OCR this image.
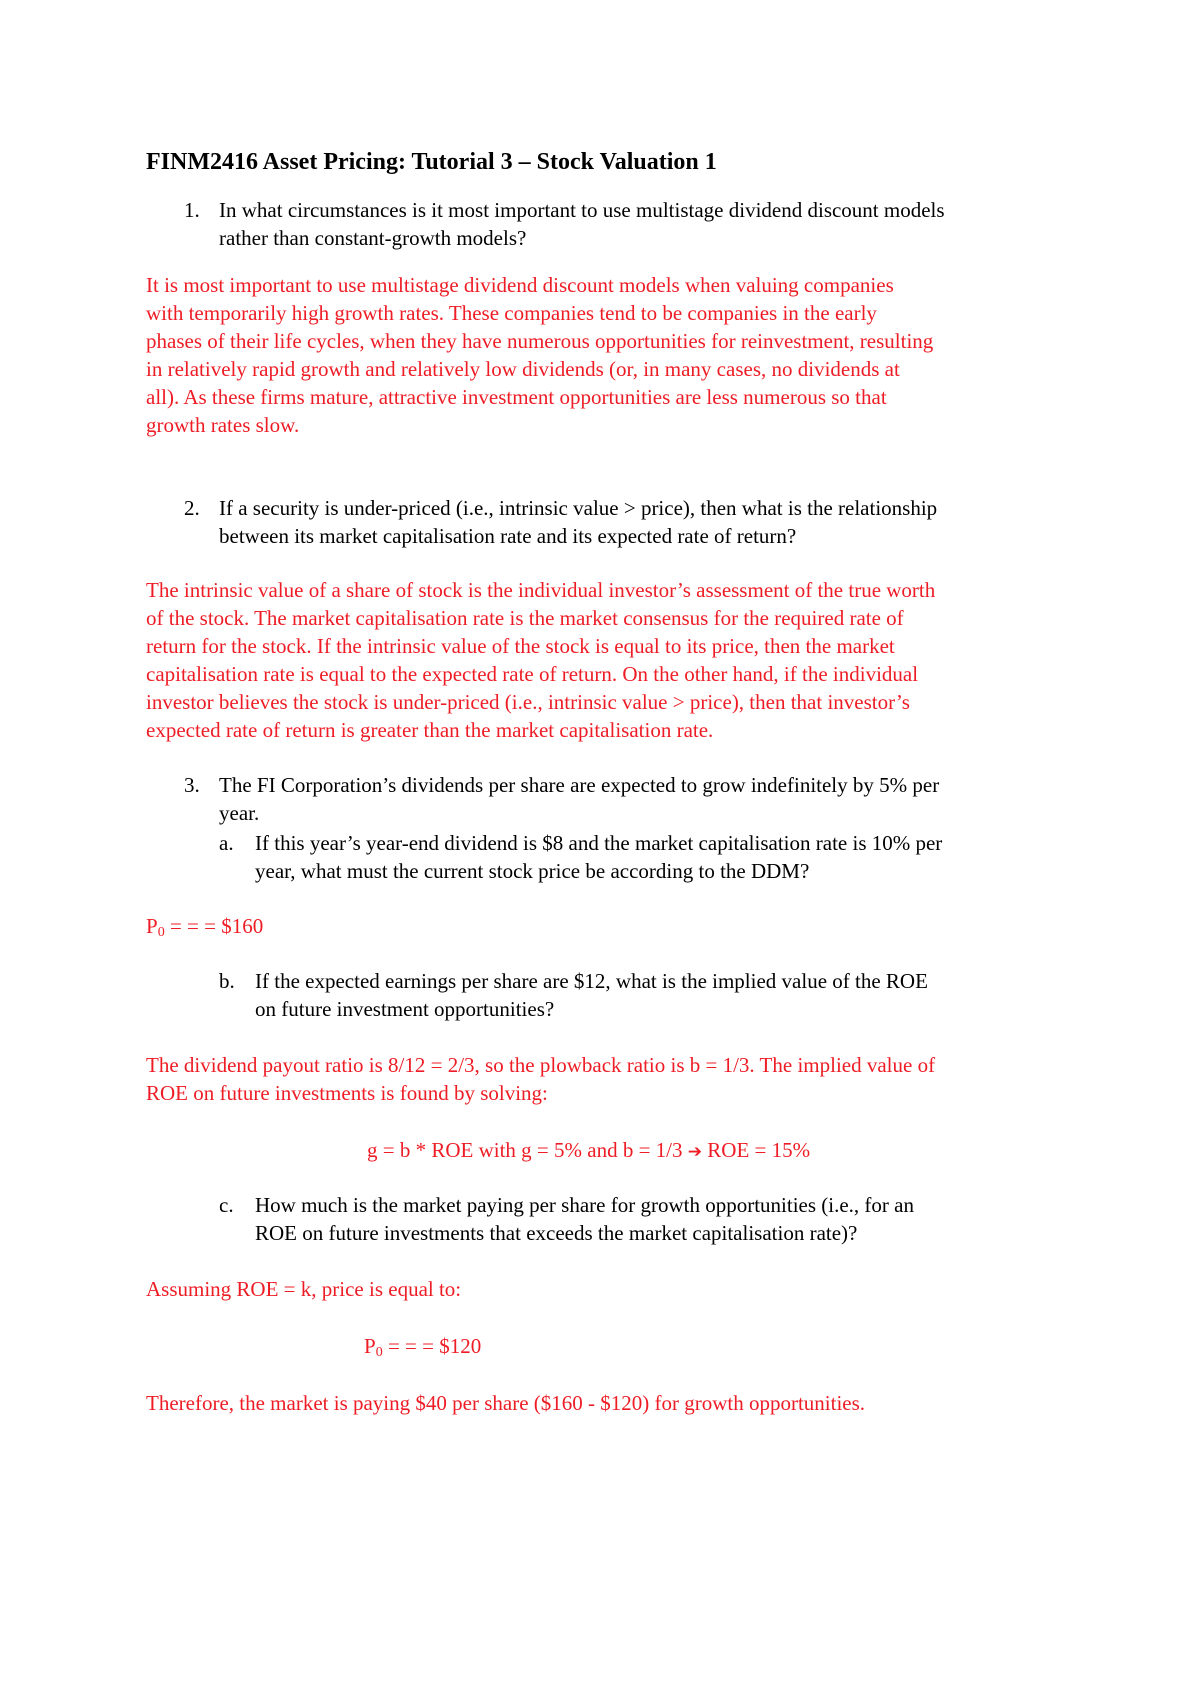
FINM2416 Asset Pricing: Tutorial 3 – Stock Valuation 1
1. In what circumstances is it most important to use multistage dividend discount models
rather than constant-growth models?
It is most important to use multistage dividend discount models when valuing companies
with temporarily high growth rates. These companies tend to be companies in the early
phases of their life cycles, when they have numerous opportunities for reinvestment, resulting
in relatively rapid growth and relatively low dividends (or, in many cases, no dividends at
all). As these firms mature, attractive investment opportunities are less numerous so that
growth rates slow.
2. If a security is under-priced (i.e., intrinsic value > price), then what is the relationship
between its market capitalisation rate and its expected rate of return?
The intrinsic value of a share of stock is the individual investor’s assessment of the true worth
of the stock. The market capitalisation rate is the market consensus for the required rate of
return for the stock. If the intrinsic value of the stock is equal to its price, then the market
capitalisation rate is equal to the expected rate of return. On the other hand, if the individual
investor believes the stock is under-priced (i.e., intrinsic value > price), then that investor’s
expected rate of return is greater than the market capitalisation rate.
3. The FI Corporation’s dividends per share are expected to grow indefinitely by 5% per
year.
a. If this year’s year-end dividend is $8 and the market capitalisation rate is 10% per
year, what must the current stock price be according to the DDM?
$P_0$ = = = $160
b. If the expected earnings per share are $12, what is the implied value of the ROE
on future investment opportunities?
The dividend payout ratio is 8/12 = 2/3, so the plowback ratio is b = 1/3. The implied value of
ROE on future investments is found by solving:
g = b * ROE with g = 5% and b = 1/3 ➔ ROE = 15%
c. How much is the market paying per share for growth opportunities (i.e., for an
ROE on future investments that exceeds the market capitalisation rate)?
Assuming ROE = k, price is equal to:
$P_0$ = = = $120
Therefore, the market is paying $40 per share ($160 - $120) for growth opportunities.
